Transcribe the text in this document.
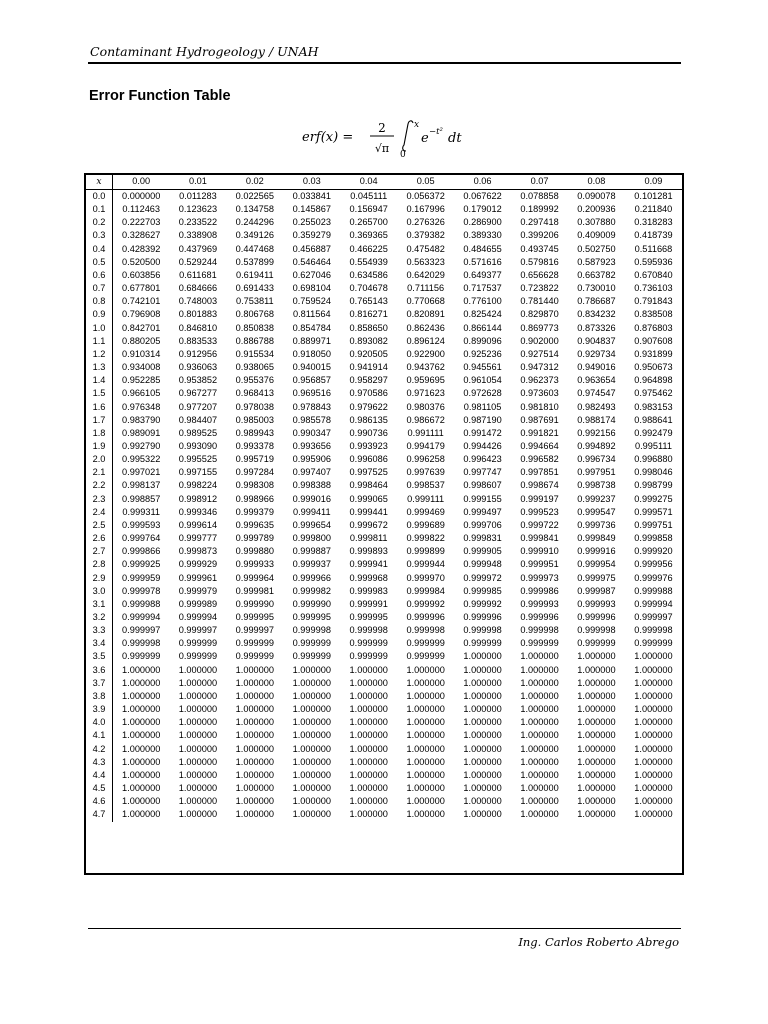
Contaminant Hydrogeology / UNAH
Error Function Table
erf(x) =
2
√π
x
0
e −t² dt
x	0.00	0.01	0.02	0.03	0.04	0.05	0.06	0.07	0.08	0.09
0.0	0.000000	0.011283	0.022565	0.033841	0.045111	0.056372	0.067622	0.078858	0.090078	0.101281
0.1	0.112463	0.123623	0.134758	0.145867	0.156947	0.167996	0.179012	0.189992	0.200936	0.211840
0.2	0.222703	0.233522	0.244296	0.255023	0.265700	0.276326	0.286900	0.297418	0.307880	0.318283
0.3	0.328627	0.338908	0.349126	0.359279	0.369365	0.379382	0.389330	0.399206	0.409009	0.418739
0.4	0.428392	0.437969	0.447468	0.456887	0.466225	0.475482	0.484655	0.493745	0.502750	0.511668
0.5	0.520500	0.529244	0.537899	0.546464	0.554939	0.563323	0.571616	0.579816	0.587923	0.595936
0.6	0.603856	0.611681	0.619411	0.627046	0.634586	0.642029	0.649377	0.656628	0.663782	0.670840
0.7	0.677801	0.684666	0.691433	0.698104	0.704678	0.711156	0.717537	0.723822	0.730010	0.736103
0.8	0.742101	0.748003	0.753811	0.759524	0.765143	0.770668	0.776100	0.781440	0.786687	0.791843
0.9	0.796908	0.801883	0.806768	0.811564	0.816271	0.820891	0.825424	0.829870	0.834232	0.838508
1.0	0.842701	0.846810	0.850838	0.854784	0.858650	0.862436	0.866144	0.869773	0.873326	0.876803
1.1	0.880205	0.883533	0.886788	0.889971	0.893082	0.896124	0.899096	0.902000	0.904837	0.907608
1.2	0.910314	0.912956	0.915534	0.918050	0.920505	0.922900	0.925236	0.927514	0.929734	0.931899
1.3	0.934008	0.936063	0.938065	0.940015	0.941914	0.943762	0.945561	0.947312	0.949016	0.950673
1.4	0.952285	0.953852	0.955376	0.956857	0.958297	0.959695	0.961054	0.962373	0.963654	0.964898
1.5	0.966105	0.967277	0.968413	0.969516	0.970586	0.971623	0.972628	0.973603	0.974547	0.975462
1.6	0.976348	0.977207	0.978038	0.978843	0.979622	0.980376	0.981105	0.981810	0.982493	0.983153
1.7	0.983790	0.984407	0.985003	0.985578	0.986135	0.986672	0.987190	0.987691	0.988174	0.988641
1.8	0.989091	0.989525	0.989943	0.990347	0.990736	0.991111	0.991472	0.991821	0.992156	0.992479
1.9	0.992790	0.993090	0.993378	0.993656	0.993923	0.994179	0.994426	0.994664	0.994892	0.995111
2.0	0.995322	0.995525	0.995719	0.995906	0.996086	0.996258	0.996423	0.996582	0.996734	0.996880
2.1	0.997021	0.997155	0.997284	0.997407	0.997525	0.997639	0.997747	0.997851	0.997951	0.998046
2.2	0.998137	0.998224	0.998308	0.998388	0.998464	0.998537	0.998607	0.998674	0.998738	0.998799
2.3	0.998857	0.998912	0.998966	0.999016	0.999065	0.999111	0.999155	0.999197	0.999237	0.999275
2.4	0.999311	0.999346	0.999379	0.999411	0.999441	0.999469	0.999497	0.999523	0.999547	0.999571
2.5	0.999593	0.999614	0.999635	0.999654	0.999672	0.999689	0.999706	0.999722	0.999736	0.999751
2.6	0.999764	0.999777	0.999789	0.999800	0.999811	0.999822	0.999831	0.999841	0.999849	0.999858
2.7	0.999866	0.999873	0.999880	0.999887	0.999893	0.999899	0.999905	0.999910	0.999916	0.999920
2.8	0.999925	0.999929	0.999933	0.999937	0.999941	0.999944	0.999948	0.999951	0.999954	0.999956
2.9	0.999959	0.999961	0.999964	0.999966	0.999968	0.999970	0.999972	0.999973	0.999975	0.999976
3.0	0.999978	0.999979	0.999981	0.999982	0.999983	0.999984	0.999985	0.999986	0.999987	0.999988
3.1	0.999988	0.999989	0.999990	0.999990	0.999991	0.999992	0.999992	0.999993	0.999993	0.999994
3.2	0.999994	0.999994	0.999995	0.999995	0.999995	0.999996	0.999996	0.999996	0.999996	0.999997
3.3	0.999997	0.999997	0.999997	0.999998	0.999998	0.999998	0.999998	0.999998	0.999998	0.999998
3.4	0.999998	0.999999	0.999999	0.999999	0.999999	0.999999	0.999999	0.999999	0.999999	0.999999
3.5	0.999999	0.999999	0.999999	0.999999	0.999999	0.999999	1.000000	1.000000	1.000000	1.000000
3.6	1.000000	1.000000	1.000000	1.000000	1.000000	1.000000	1.000000	1.000000	1.000000	1.000000
3.7	1.000000	1.000000	1.000000	1.000000	1.000000	1.000000	1.000000	1.000000	1.000000	1.000000
3.8	1.000000	1.000000	1.000000	1.000000	1.000000	1.000000	1.000000	1.000000	1.000000	1.000000
3.9	1.000000	1.000000	1.000000	1.000000	1.000000	1.000000	1.000000	1.000000	1.000000	1.000000
4.0	1.000000	1.000000	1.000000	1.000000	1.000000	1.000000	1.000000	1.000000	1.000000	1.000000
4.1	1.000000	1.000000	1.000000	1.000000	1.000000	1.000000	1.000000	1.000000	1.000000	1.000000
4.2	1.000000	1.000000	1.000000	1.000000	1.000000	1.000000	1.000000	1.000000	1.000000	1.000000
4.3	1.000000	1.000000	1.000000	1.000000	1.000000	1.000000	1.000000	1.000000	1.000000	1.000000
4.4	1.000000	1.000000	1.000000	1.000000	1.000000	1.000000	1.000000	1.000000	1.000000	1.000000
4.5	1.000000	1.000000	1.000000	1.000000	1.000000	1.000000	1.000000	1.000000	1.000000	1.000000
4.6	1.000000	1.000000	1.000000	1.000000	1.000000	1.000000	1.000000	1.000000	1.000000	1.000000
4.7	1.000000	1.000000	1.000000	1.000000	1.000000	1.000000	1.000000	1.000000	1.000000	1.000000
Ing. Carlos Roberto Abrego
